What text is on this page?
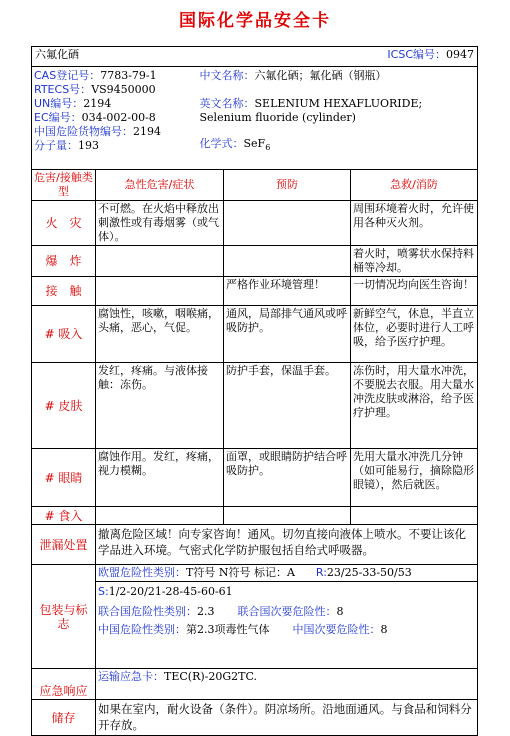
国际化学品安全卡
六氟化硒	ICSC编号：0947
CAS登记号：7783-79-1
RTECS号：VS9450000
UN编号：2194
EC编号：034-002-00-8
中国危险货物编号：2194
分子量：193

中文名称：六氟化硒；氟化硒（钢瓶）
英文名称：SELENIUM HEXAFLUORIDE; Selenium fluoride (cylinder)
化学式：SeF$_6$
危害/接触类型	急性危害/症状	预防	急救/消防
火　灾	不可燃。在火焰中释放出刺激性或有毒烟雾（或气体）。		周围环境着火时，允许使用各种灭火剂。
爆　炸			着火时，喷雾状水保持料桶等冷却。
接　触		严格作业环境管理！	一切情况均向医生咨询！
# 吸入	腐蚀性，咳嗽，咽喉痛，头痛，恶心，气促。	通风，局部排气通风或呼吸防护。	新鲜空气，休息，半直立体位，必要时进行人工呼吸，给予医疗护理。
# 皮肤	发红，疼痛。与液体接触：冻伤。	防护手套，保温手套。	冻伤时，用大量水冲洗，不要脱去衣服。用大量水冲洗皮肤或淋浴，给予医疗护理。
# 眼睛	腐蚀作用。发红，疼痛，视力模糊。	面罩，或眼睛防护结合呼吸防护。	先用大量水冲洗几分钟（如可能易行，摘除隐形眼镜），然后就医。
# 食入			
泄漏处置	撤离危险区域！向专家咨询！通风。切勿直接向液体上喷水。不要让该化学品进入环境。气密式化学防护服包括自给式呼吸器。
包装与标志	欧盟危险性类别：T符号 N符号 标记：A R:23/25-33-50/53
S:1/2-20/21-28-45-60-61
联合国危险性类别：2.3 联合国次要危险性：8
中国危险性类别：第2.3项毒性气体 中国次要危险性：8

应急响应	运输应急卡：TEC(R)-20G2TC.
储存	如果在室内，耐火设备（条件）。阴凉场所。沿地面通风。与食品和饲料分开存放。
